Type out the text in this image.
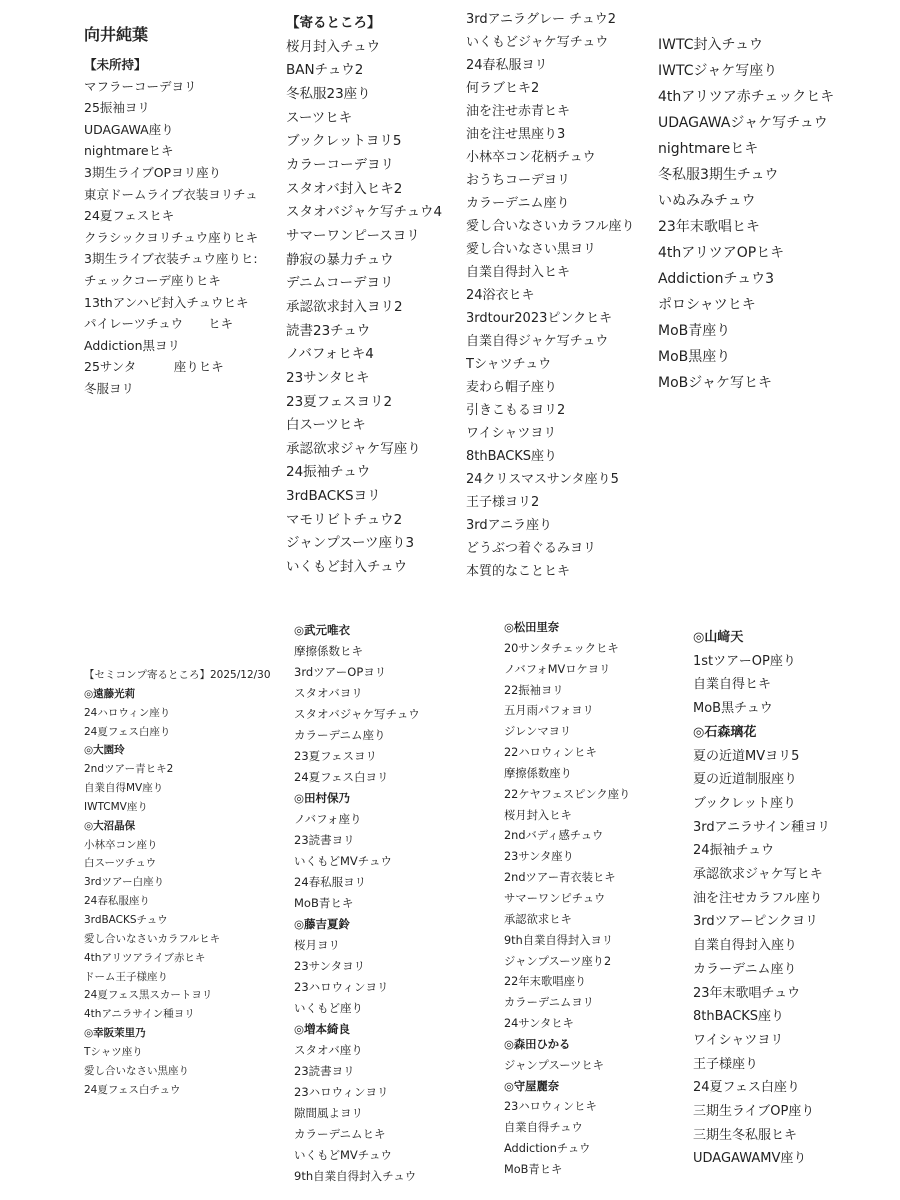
向井純葉
【未所持】
マフラーコーデヨリ
25振袖ヨリ
UDAGAWA座り
nightmareヒキ
3期生ライブOPヨリ座り
東京ドームライブ衣装ヨリチュ
24夏フェスヒキ
クラシックヨリチュウ座りヒキ
3期生ライブ衣装チュウ座りヒ:
チェックコーデ座りヒキ
13thアンハピ封入チュウヒキ
パイレーツチュウ　　ヒキ
Addiction黒ヨリ
25サンタ　　　座りヒキ
冬服ヨリ
【寄るところ】
桜月封入チュウ
BANチュウ2
冬私服23座り
スーツヒキ
ブックレットヨリ5
カラーコーデヨリ
スタオバ封入ヒキ2
スタオバジャケ写チュウ4
サマーワンピースヨリ
静寂の暴力チュウ
デニムコーデヨリ
承認欲求封入ヨリ2
読書23チュウ
ノバフォヒキ4
23サンタヒキ
23夏フェスヨリ2
白スーツヒキ
承認欲求ジャケ写座り
24振袖チュウ
3rdBACKSヨリ
マモリビトチュウ2
ジャンプスーツ座り3
いくもど封入チュウ
3rdアニラグレー チュウ2
いくもどジャケ写チュウ
24春私服ヨリ
何ラブヒキ2
油を注せ赤青ヒキ
油を注せ黒座り3
小林卒コン花柄チュウ
おうちコーデヨリ
カラーデニム座り
愛し合いなさいカラフル座り
愛し合いなさい黒ヨリ
自業自得封入ヒキ
24浴衣ヒキ
3rdtour2023ピンクヒキ
自業自得ジャケ写チュウ
Tシャツチュウ
麦わら帽子座り
引きこもるヨリ2
ワイシャツヨリ
8thBACKS座り
24クリスマスサンタ座り5
王子様ヨリ2
3rdアニラ座り
どうぶつ着ぐるみヨリ
本質的なことヒキ
IWTC封入チュウ
IWTCジャケ写座り
4thアリツア赤チェックヒキ
UDAGAWAジャケ写チュウ
nightmareヒキ
冬私服3期生チュウ
いぬみみチュウ
23年末歌唱ヒキ
4thアリツアOPヒキ
Addictionチュウ3
ポロシャツヒキ
MoB青座り
MoB黒座り
MoBジャケ写ヒキ
【セミコンプ寄るところ】2025/12/30
◎遠藤光莉
24ハロウィン座り
24夏フェス白座り
◎大園玲
2ndツアー青ヒキ2
自業自得MV座り
IWTCMV座り
◎大沼晶保
小林卒コン座り
白スーツチュウ
3rdツアー白座り
24春私服座り
3rdBACKSチュウ
愛し合いなさいカラフルヒキ
4thアリツアライブ赤ヒキ
ドーム王子様座り
24夏フェス黒スカートヨリ
4thアニラサイン種ヨリ
◎幸阪茉里乃
Tシャツ座り
愛し合いなさい黒座り
24夏フェス白チュウ
◎武元唯衣
摩擦係数ヒキ
3rdツアーOPヨリ
スタオバヨリ
スタオバジャケ写チュウ
カラーデニム座り
23夏フェスヨリ
24夏フェス白ヨリ
◎田村保乃
ノバフォ座り
23読書ヨリ
いくもどMVチュウ
24春私服ヨリ
MoB青ヒキ
◎藤吉夏鈴
桜月ヨリ
23サンタヨリ
23ハロウィンヨリ
いくもど座り
◎増本綺良
スタオバ座り
23読書ヨリ
23ハロウィンヨリ
隙間風よヨリ
カラーデニムヒキ
いくもどMVチュウ
9th自業自得封入チュウ
◎松田里奈
20サンタチェックヒキ
ノバフォMVロケヨリ
22振袖ヨリ
五月雨パフォヨリ
ジレンマヨリ
22ハロウィンヒキ
摩擦係数座り
22ケヤフェスピンク座り
桜月封入ヒキ
2ndバディ感チュウ
23サンタ座り
2ndツアー青衣装ヒキ
サマーワンピチュウ
承認欲求ヒキ
9th自業自得封入ヨリ
ジャンプスーツ座り2
22年末歌唱座り
カラーデニムヨリ
24サンタヒキ
◎森田ひかる
ジャンプスーツヒキ
◎守屋麗奈
23ハロウィンヒキ
自業自得チュウ
Addictionチュウ
MoB青ヒキ
◎山﨑天
1stツアーOP座り
自業自得ヒキ
MoB黒チュウ
◎石森璃花
夏の近道MVヨリ5
夏の近道制服座り
ブックレット座り
3rdアニラサイン種ヨリ
24振袖チュウ
承認欲求ジャケ写ヒキ
油を注せカラフル座り
3rdツアーピンクヨリ
自業自得封入座り
カラーデニム座り
23年末歌唱チュウ
8thBACKS座り
ワイシャツヨリ
王子様座り
24夏フェス白座り
三期生ライブOP座り
三期生冬私服ヒキ
UDAGAWAMV座り
